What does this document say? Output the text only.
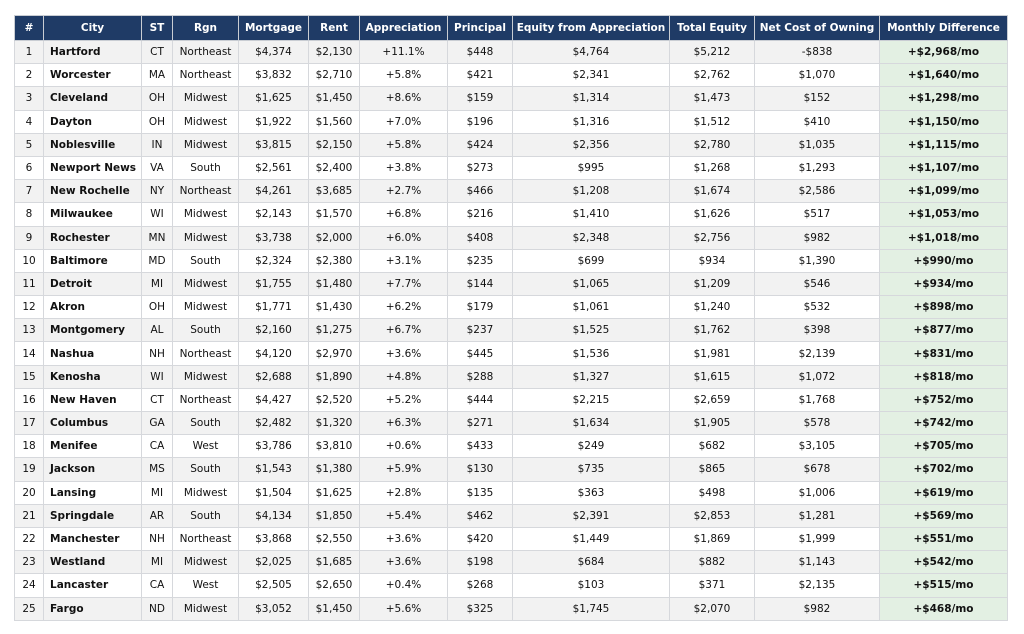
#	City	ST	Rgn	Mortgage	Rent	Appreciation	Principal	Equity from Appreciation	Total Equity	Net Cost of Owning	Monthly Difference
1	Hartford	CT	Northeast	$4,374	$2,130	+11.1%	$448	$4,764	$5,212	-$838	+$2,968/mo
2	Worcester	MA	Northeast	$3,832	$2,710	+5.8%	$421	$2,341	$2,762	$1,070	+$1,640/mo
3	Cleveland	OH	Midwest	$1,625	$1,450	+8.6%	$159	$1,314	$1,473	$152	+$1,298/mo
4	Dayton	OH	Midwest	$1,922	$1,560	+7.0%	$196	$1,316	$1,512	$410	+$1,150/mo
5	Noblesville	IN	Midwest	$3,815	$2,150	+5.8%	$424	$2,356	$2,780	$1,035	+$1,115/mo
6	Newport News	VA	South	$2,561	$2,400	+3.8%	$273	$995	$1,268	$1,293	+$1,107/mo
7	New Rochelle	NY	Northeast	$4,261	$3,685	+2.7%	$466	$1,208	$1,674	$2,586	+$1,099/mo
8	Milwaukee	WI	Midwest	$2,143	$1,570	+6.8%	$216	$1,410	$1,626	$517	+$1,053/mo
9	Rochester	MN	Midwest	$3,738	$2,000	+6.0%	$408	$2,348	$2,756	$982	+$1,018/mo
10	Baltimore	MD	South	$2,324	$2,380	+3.1%	$235	$699	$934	$1,390	+$990/mo
11	Detroit	MI	Midwest	$1,755	$1,480	+7.7%	$144	$1,065	$1,209	$546	+$934/mo
12	Akron	OH	Midwest	$1,771	$1,430	+6.2%	$179	$1,061	$1,240	$532	+$898/mo
13	Montgomery	AL	South	$2,160	$1,275	+6.7%	$237	$1,525	$1,762	$398	+$877/mo
14	Nashua	NH	Northeast	$4,120	$2,970	+3.6%	$445	$1,536	$1,981	$2,139	+$831/mo
15	Kenosha	WI	Midwest	$2,688	$1,890	+4.8%	$288	$1,327	$1,615	$1,072	+$818/mo
16	New Haven	CT	Northeast	$4,427	$2,520	+5.2%	$444	$2,215	$2,659	$1,768	+$752/mo
17	Columbus	GA	South	$2,482	$1,320	+6.3%	$271	$1,634	$1,905	$578	+$742/mo
18	Menifee	CA	West	$3,786	$3,810	+0.6%	$433	$249	$682	$3,105	+$705/mo
19	Jackson	MS	South	$1,543	$1,380	+5.9%	$130	$735	$865	$678	+$702/mo
20	Lansing	MI	Midwest	$1,504	$1,625	+2.8%	$135	$363	$498	$1,006	+$619/mo
21	Springdale	AR	South	$4,134	$1,850	+5.4%	$462	$2,391	$2,853	$1,281	+$569/mo
22	Manchester	NH	Northeast	$3,868	$2,550	+3.6%	$420	$1,449	$1,869	$1,999	+$551/mo
23	Westland	MI	Midwest	$2,025	$1,685	+3.6%	$198	$684	$882	$1,143	+$542/mo
24	Lancaster	CA	West	$2,505	$2,650	+0.4%	$268	$103	$371	$2,135	+$515/mo
25	Fargo	ND	Midwest	$3,052	$1,450	+5.6%	$325	$1,745	$2,070	$982	+$468/mo
